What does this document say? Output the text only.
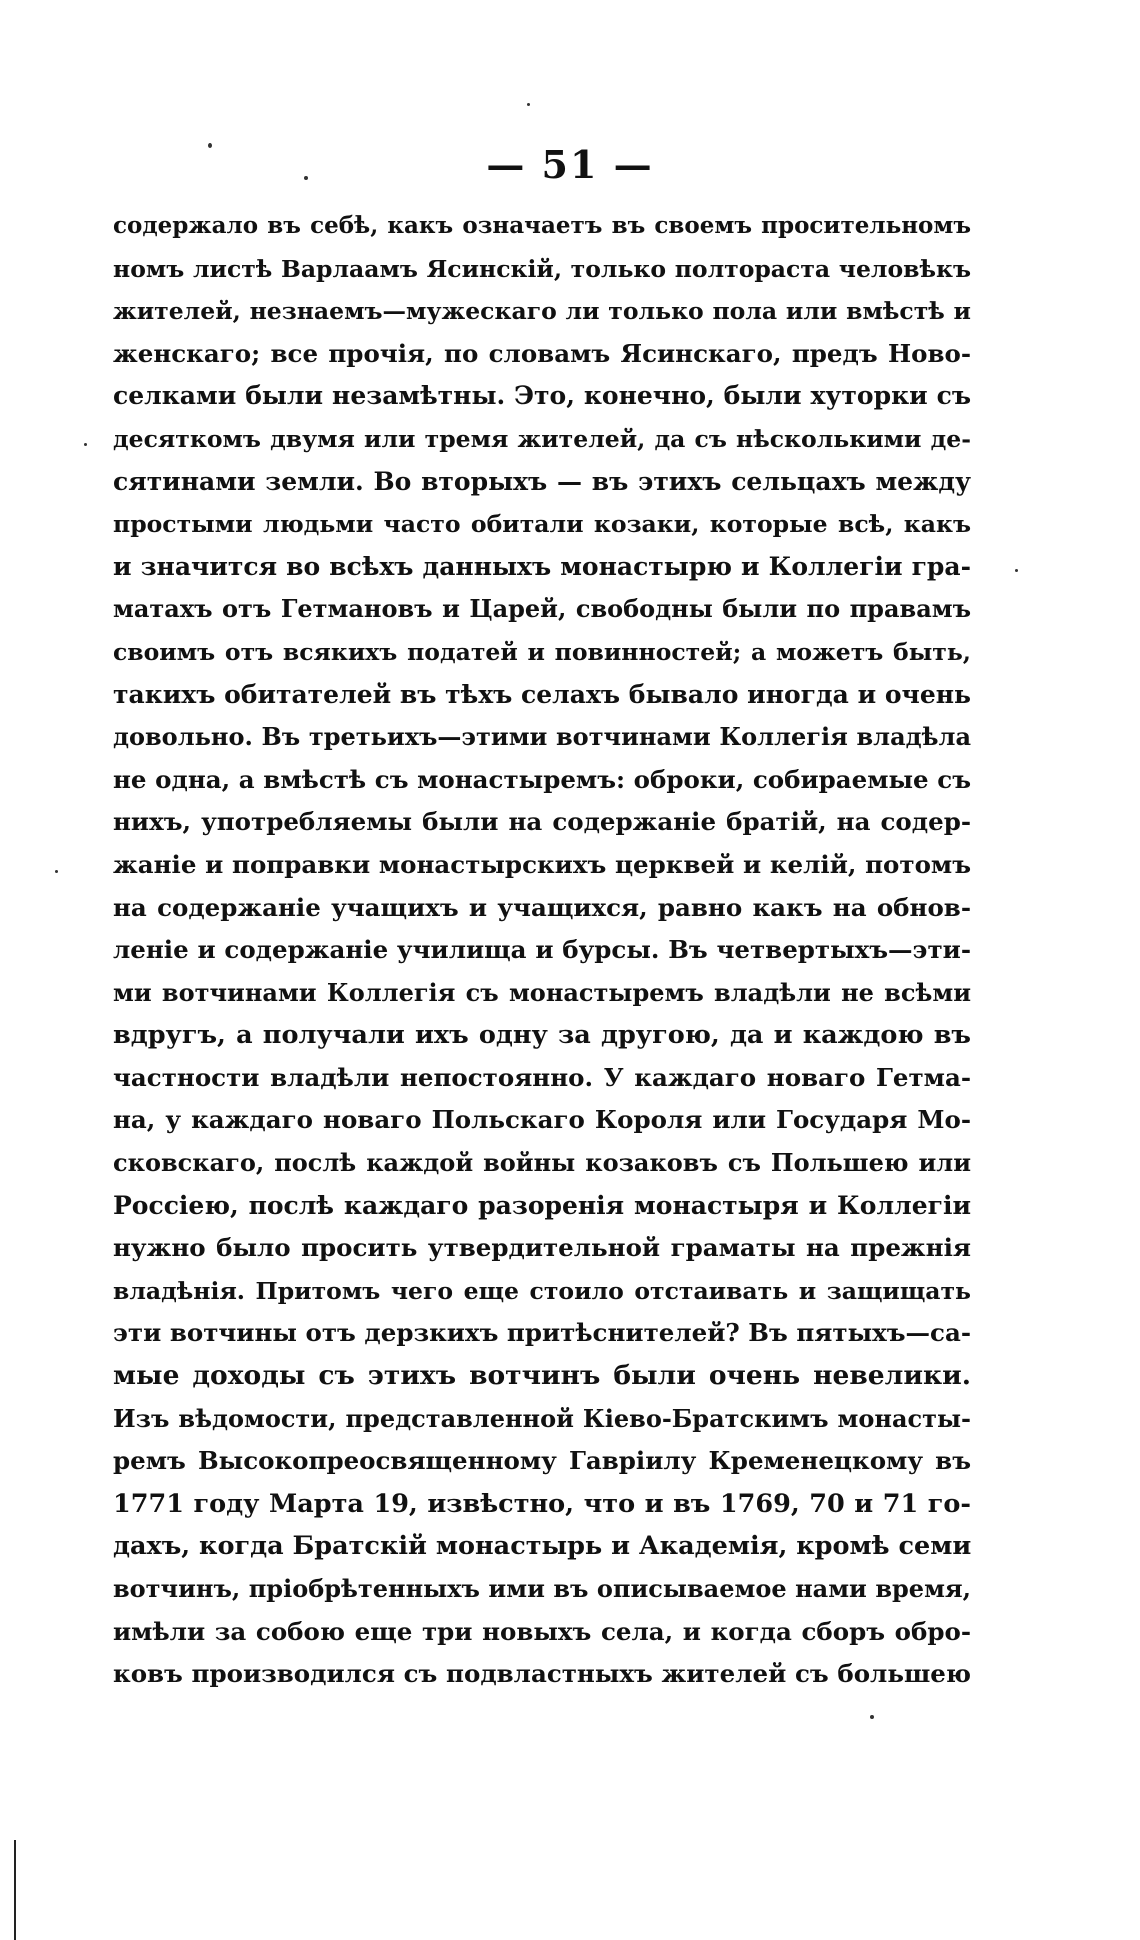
— 51 —
содержало въ себѣ, какъ означаетъ въ своемъ просительномъ
номъ листѣ Варлаамъ Ясинскій, только полтораста человѣкъ
жителей, незнаемъ—мужескаго ли только пола или вмѣстѣ и
женскаго; все прочія, по словамъ Ясинскаго, предъ Ново-
селками были незамѣтны. Это, конечно, были хуторки съ
десяткомъ двумя или тремя жителей, да съ нѣсколькими де-
сятинами земли. Во вторыхъ — въ этихъ сельцахъ между
простыми людьми часто обитали козаки, которые всѣ, какъ
и значится во всѣхъ данныхъ монастырю и Коллегіи гра-
матахъ отъ Гетмановъ и Царей, свободны были по правамъ
своимъ отъ всякихъ податей и повинностей; а можетъ быть,
такихъ обитателей въ тѣхъ селахъ бывало иногда и очень
довольно. Въ третьихъ—этими вотчинами Коллегія владѣла
не одна, а вмѣстѣ съ монастыремъ: оброки, собираемые съ
нихъ, употребляемы были на содержаніе братій, на содер-
жаніе и поправки монастырскихъ церквей и келій, потомъ
на содержаніе учащихъ и учащихся, равно какъ на обнов-
леніе и содержаніе училища и бурсы. Въ четвертыхъ—эти-
ми вотчинами Коллегія съ монастыремъ владѣли не всѣми
вдругъ, а получали ихъ одну за другою, да и каждою въ
частности владѣли непостоянно. У каждаго новаго Гетма-
на, у каждаго новаго Польскаго Короля или Государя Мо-
сковскаго, послѣ каждой войны козаковъ съ Польшею или
Россіею, послѣ каждаго разоренія монастыря и Коллегіи
нужно было просить утвердительной граматы на прежнія
владѣнія. Притомъ чего еще стоило отстаивать и защищать
эти вотчины отъ дерзкихъ притѣснителей? Въ пятыхъ—са-
мые доходы съ этихъ вотчинъ были очень невелики.
Изъ вѣдомости, представленной Кіево-Братскимъ монасты-
ремъ Высокопреосвященному Гавріилу Кременецкому въ
1771 году Марта 19, извѣстно, что и въ 1769, 70 и 71 го-
дахъ, когда Братскій монастырь и Академія, кромѣ семи
вотчинъ, пріобрѣтенныхъ ими въ описываемое нами время,
имѣли за собою еще три новыхъ села, и когда сборъ обро-
ковъ производился съ подвластныхъ жителей съ большею
